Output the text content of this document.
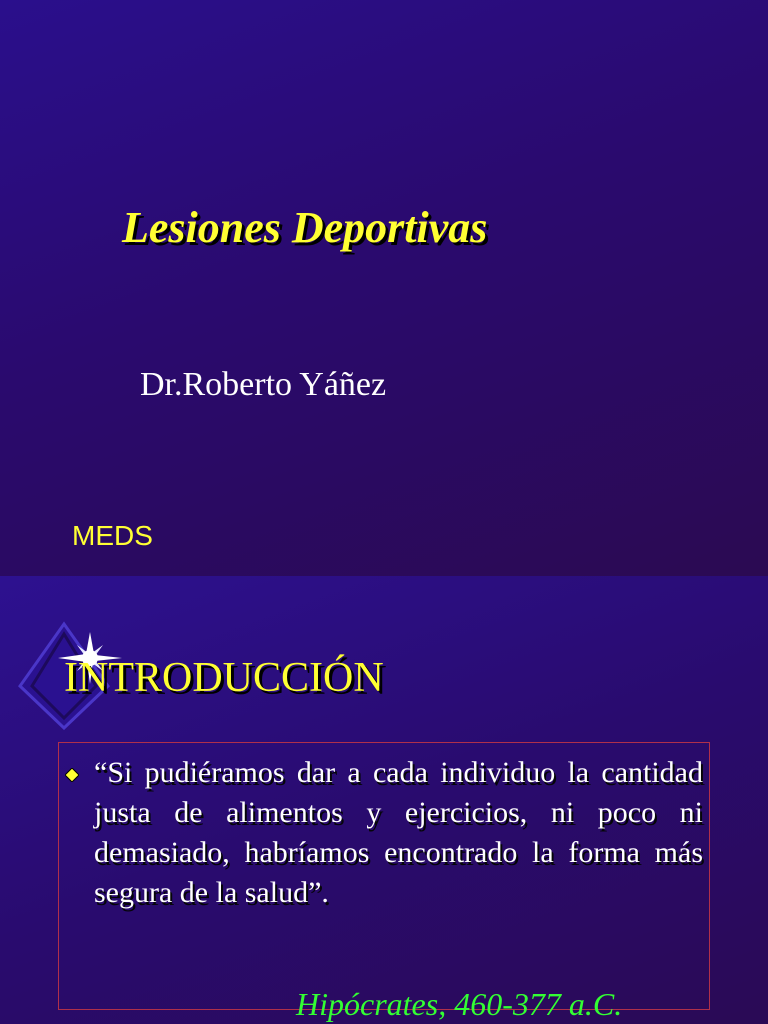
Lesiones Deportivas
Dr.Roberto Yáñez
MEDS
INTRODUCCIÓN

“Si pudiéramos dar a cada individuo la cantidad justa de alimentos y ejercicios, ni poco ni demasiado, habríamos encontrado la forma más segura de la salud”.

Hipócrates, 460-377 a.C.
